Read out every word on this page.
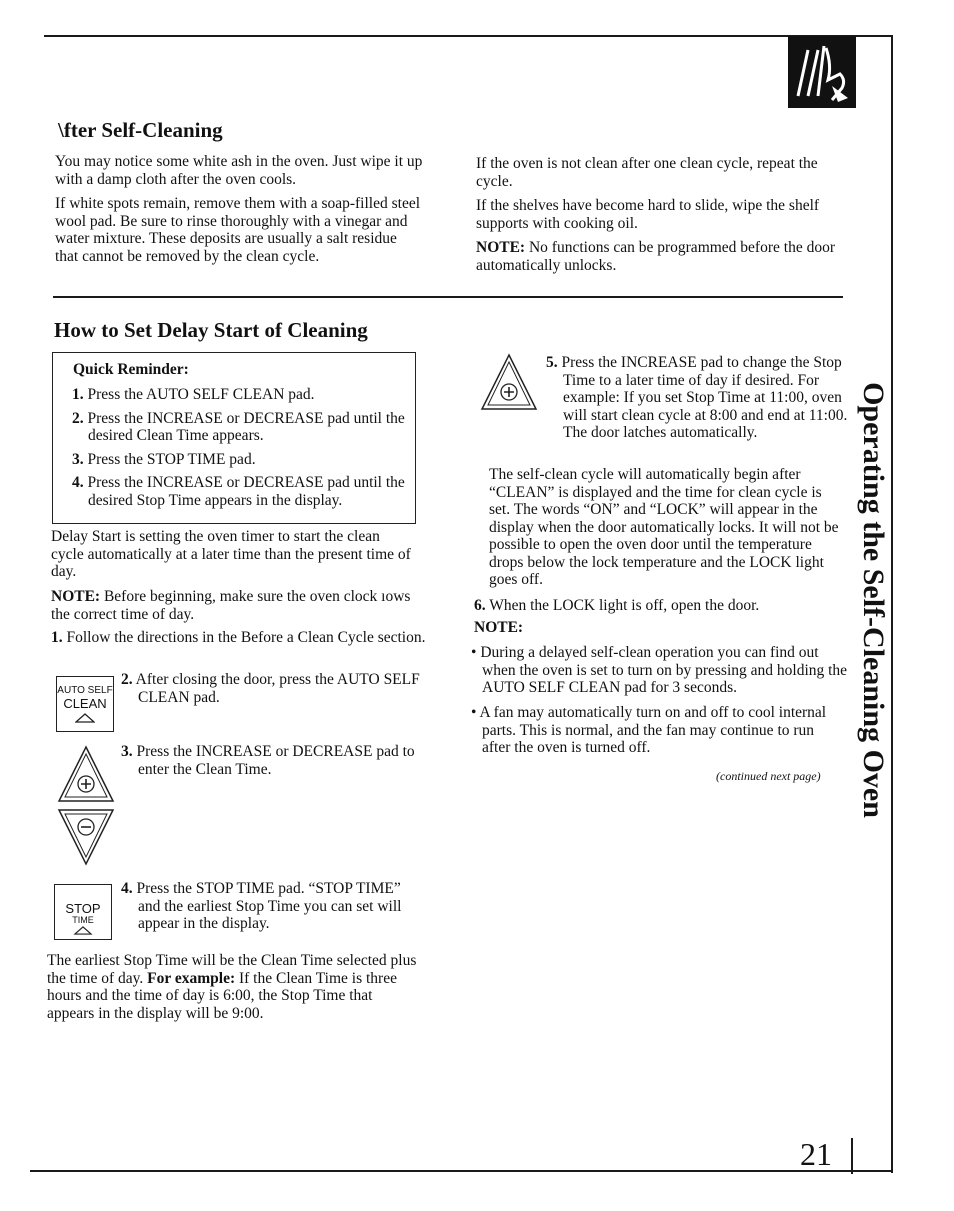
\fter Self-Cleaning

You may notice some white ash in the oven. Just wipe it up with a damp cloth after the oven cools.

If white spots remain, remove them with a soap-filled steel wool pad. Be sure to rinse thoroughly with a vinegar and water mixture. These deposits are usually a salt residue that cannot be removed by the clean cycle.

If the oven is not clean after one clean cycle, repeat the cycle.

If the shelves have become hard to slide, wipe the shelf supports with cooking oil.

NOTE: No functions can be programmed before the door automatically unlocks.

How to Set Delay Start of Cleaning
Quick Reminder:

1. Press the AUTO SELF CLEAN pad.

2. Press the INCREASE or DECREASE pad until the desired Clean Time appears.

3. Press the STOP TIME pad.

4. Press the INCREASE or DECREASE pad until the desired Stop Time appears in the display.

Delay Start is setting the oven timer to start the clean cycle automatically at a later time than the present time of day.

NOTE: Before beginning, make sure the oven clock ıows the correct time of day.

1. Follow the directions in the Before a Clean Cycle section.
AUTO SELF
CLEAN
2. After closing the door, press the AUTO SELF CLEAN pad.
3. Press the INCREASE or DECREASE pad to enter the Clean Time.
STOP
TIME
4. Press the STOP TIME pad. “STOP TIME” and the earliest Stop Time you can set will appear in the display.

The earliest Stop Time will be the Clean Time selected plus the time of day. For example: If the Clean Time is three hours and the time of day is 6:00, the Stop Time that appears in the display will be 9:00.

5. Press the INCREASE pad to change the Stop Time to a later time of day if desired. For example: If you set Stop Time at 11:00, oven will start clean cycle at 8:00 and end at 11:00. The door latches automatically.

The self-clean cycle will automatically begin after “CLEAN” is displayed and the time for clean cycle is set. The words “ON” and “LOCK” will appear in the display when the door automatically locks. It will not be possible to open the oven door until the temperature drops below the lock temperature and the LOCK light goes off.

6. When the LOCK light is off, open the door.
NOTE:
• During a delayed self-clean operation you can find out when the oven is set to turn on by pressing and holding the AUTO SELF CLEAN pad for 3 seconds.
• A fan may automatically turn on and off to cool internal parts. This is normal, and the fan may continue to run after the oven is turned off.
(continued next page) Operating the Self-Cleaning Oven
21
